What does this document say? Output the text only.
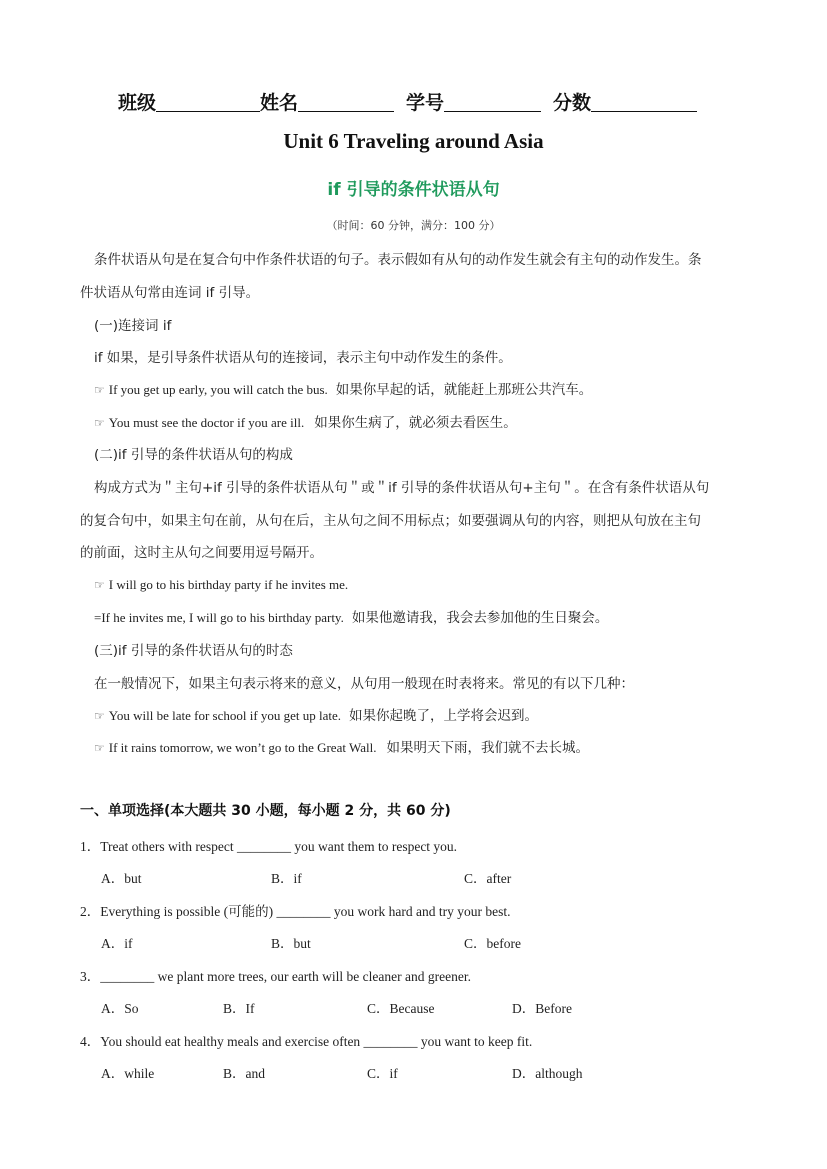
班级	姓名	学号	分数
Unit 6 Traveling around Asia
if 引导的条件状语从句
（时间：60 分钟，满分：100 分）
条件状语从句是在复合句中作条件状语的句子。表示假如有从句的动作发生就会有主句的动作发生。条
件状语从句常由连词 if 引导。
(一)连接词 if
if 如果，是引导条件状语从句的连接词，表示主句中动作发生的条件。
☞ If you get up early, you will catch the bus. 如果你早起的话，就能赶上那班公共汽车。
☞ You must see the doctor if you are ill. 如果你生病了，就必须去看医生。
(二)if 引导的条件状语从句的构成
构成方式为＂主句+if 引导的条件状语从句＂或＂if 引导的条件状语从句+主句＂。在含有条件状语从句
的复合句中，如果主句在前，从句在后，主从句之间不用标点；如要强调从句的内容，则把从句放在主句
的前面，这时主从句之间要用逗号隔开。
☞ I will go to his birthday party if he invites me.
=If he invites me, I will go to his birthday party. 如果他邀请我，我会去参加他的生日聚会。
(三)if 引导的条件状语从句的时态
在一般情况下，如果主句表示将来的意义，从句用一般现在时表将来。常见的有以下几种：
☞ You will be late for school if you get up late. 如果你起晚了，上学将会迟到。
☞ If it rains tomorrow, we won’t go to the Great Wall. 如果明天下雨，我们就不去长城。
一、单项选择(本大题共 30 小题，每小题 2 分，共 60 分)
1．Treat others with respect ________ you want them to respect you.
A．but	B．if	C．after
2．Everything is possible (可能的) ________ you work hard and try your best.
A．if	B．but	C．before
3．________ we plant more trees, our earth will be cleaner and greener.
A．So	B．If	C．Because	D．Before
4．You should eat healthy meals and exercise often ________ you want to keep fit.
A．while	B．and	C．if	D．although
